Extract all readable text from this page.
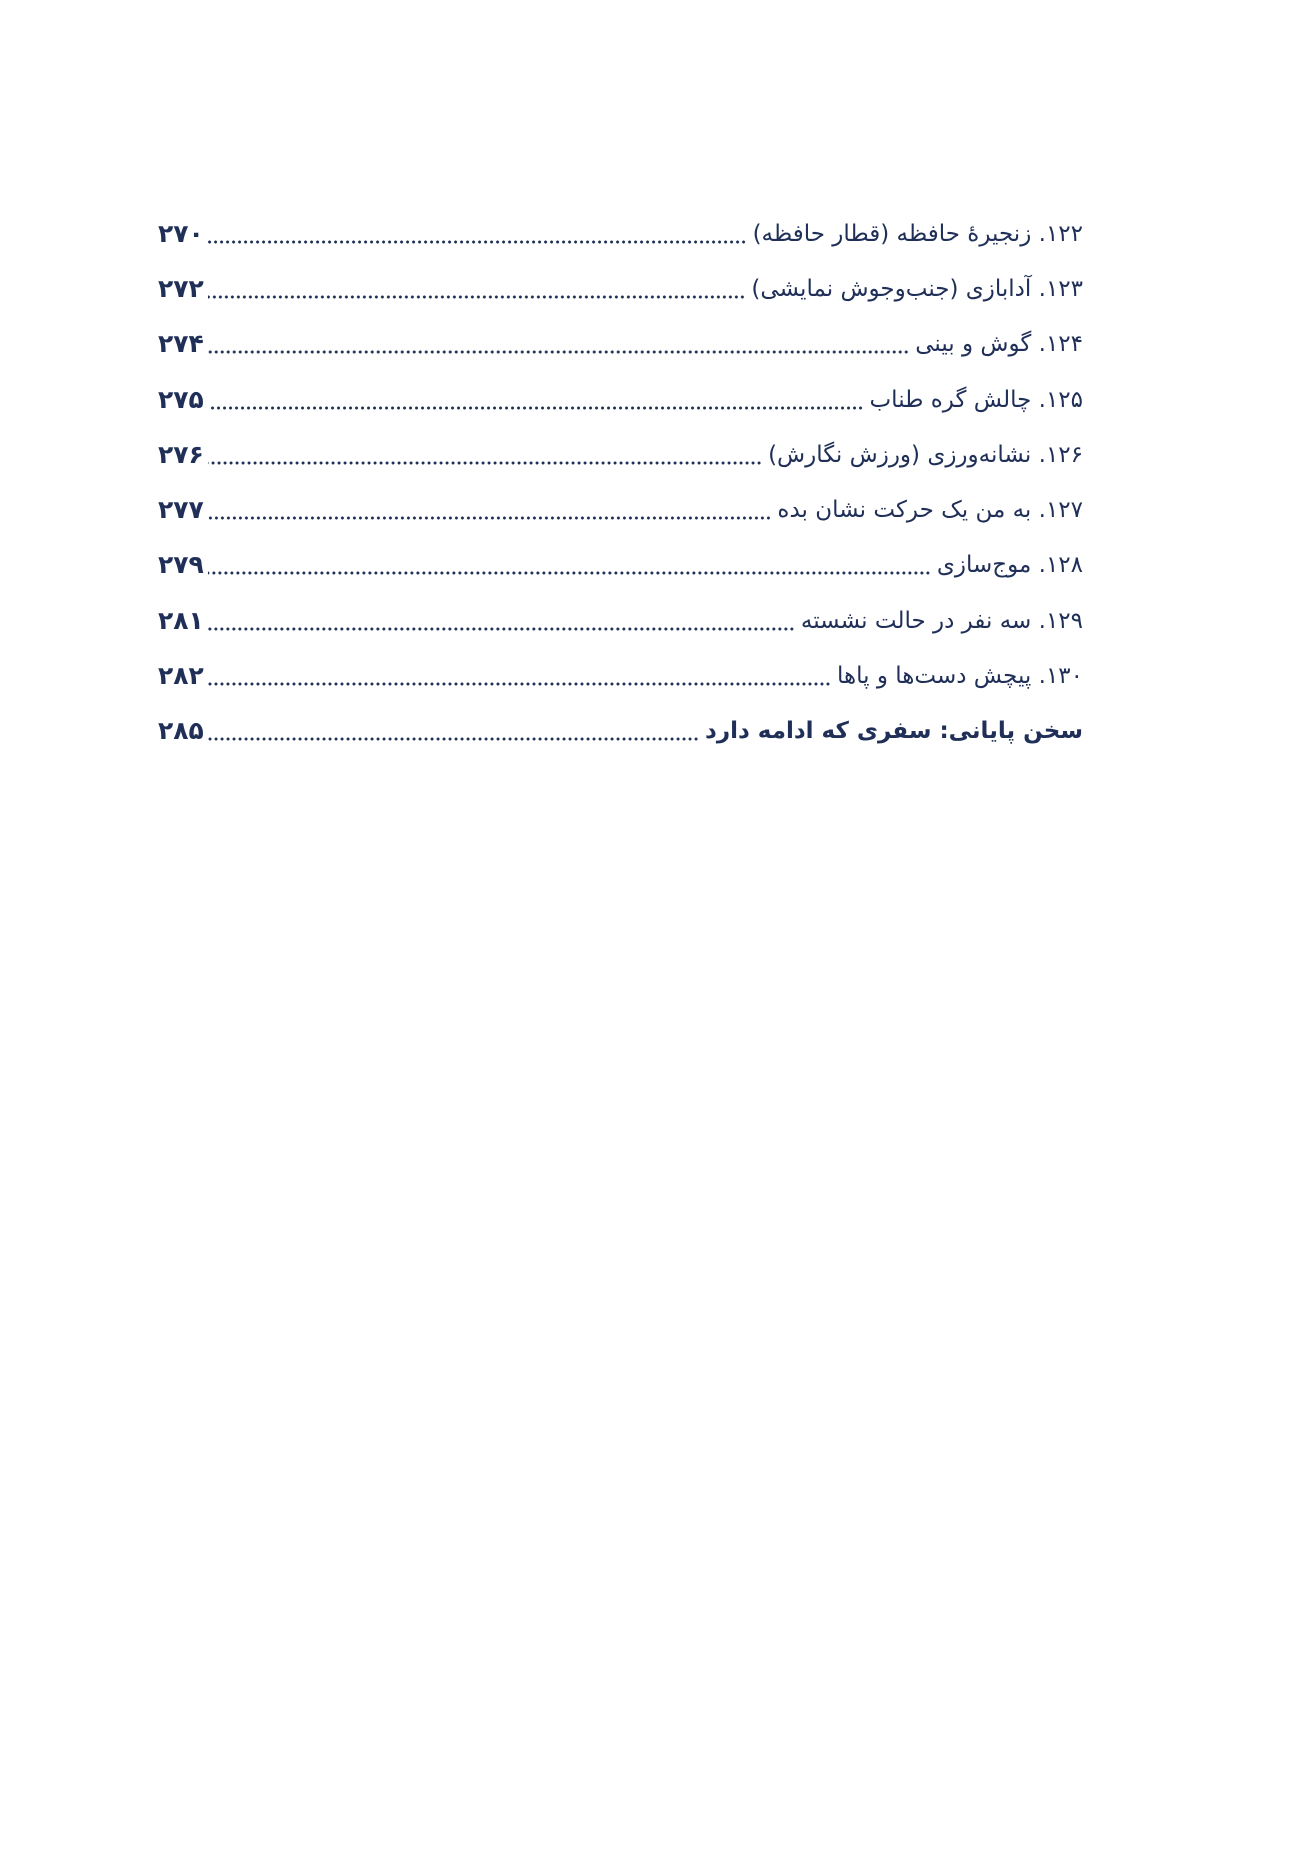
۱۲۲. زنجیرۀ حافظه (قطار حافظه)
۲۷۰
۱۲۳. آدابازی (جنب‌وجوش نمایشی)
۲۷۲
۱۲۴. گوش و بینی
۲۷۴
۱۲۵. چالش گره طناب
۲۷۵
۱۲۶. نشانه‌ورزی (ورزش نگارش)
۲۷۶
۱۲۷. به من یک حرکت نشان بده
۲۷۷
۱۲۸. موج‌سازی
۲۷۹
۱۲۹. سه نفر در حالت نشسته
۲۸۱
۱۳۰. پیچش دست‌ها و پاها
۲۸۲
سخن پایانی: سفری که ادامه دارد
۲۸۵
